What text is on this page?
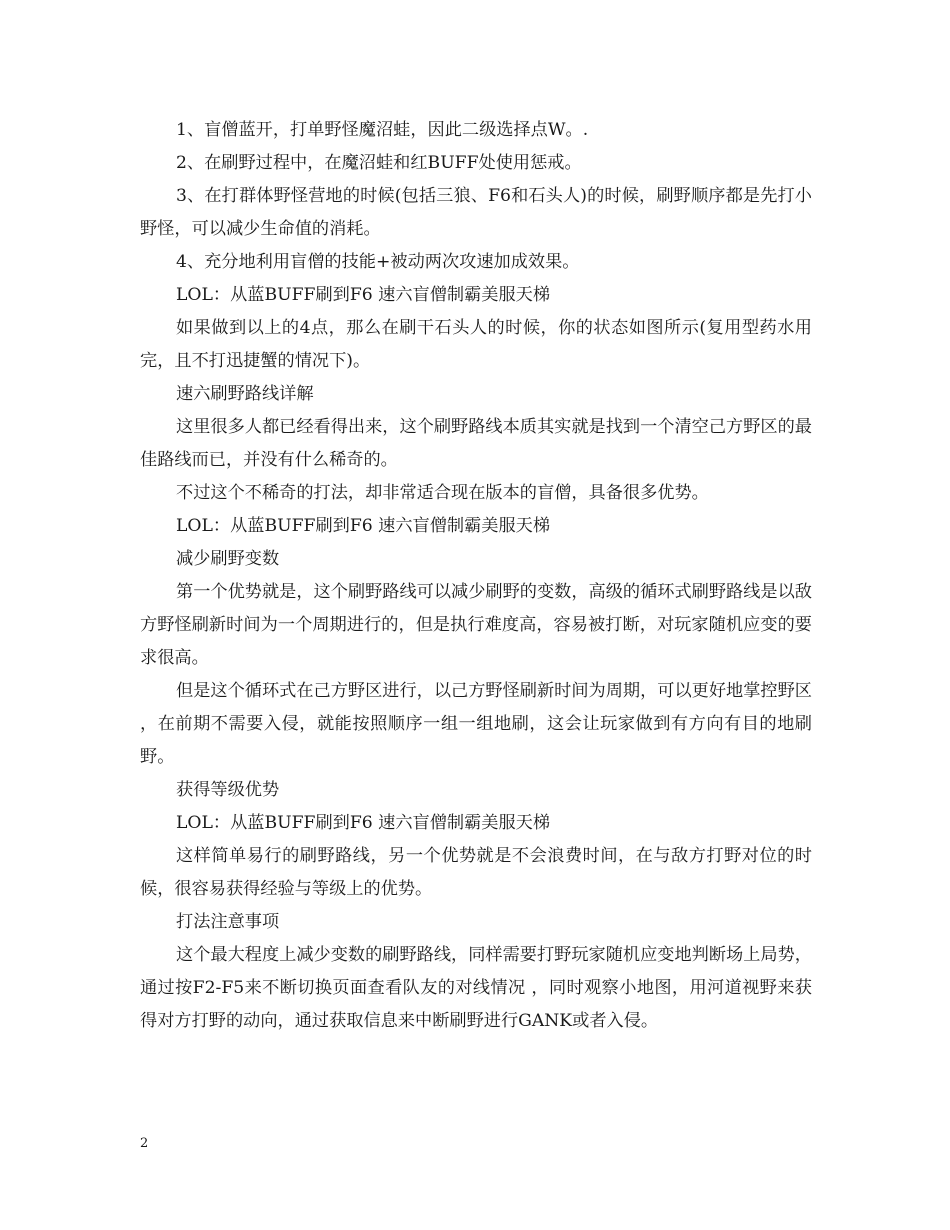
1、盲僧蓝开，打单野怪魔沼蛙，因此二级选择点W。.

2、在刷野过程中，在魔沼蛙和红BUFF处使用惩戒。

3、在打群体野怪营地的时候(包括三狼、F6和石头人)的时候，刷野顺序都是先打小野怪，可以减少生命值的消耗。

4、充分地利用盲僧的技能+被动两次攻速加成效果。

LOL：从蓝BUFF刷到F6 速六盲僧制霸美服天梯

如果做到以上的4点，那么在刷干石头人的时候，你的状态如图所示(复用型药水用完，且不打迅捷蟹的情况下)。

速六刷野路线详解

这里很多人都已经看得出来，这个刷野路线本质其实就是找到一个清空己方野区的最佳路线而已，并没有什么稀奇的。

不过这个不稀奇的打法，却非常适合现在版本的盲僧，具备很多优势。

LOL：从蓝BUFF刷到F6 速六盲僧制霸美服天梯

减少刷野变数

第一个优势就是，这个刷野路线可以减少刷野的变数，高级的循环式刷野路线是以敌方野怪刷新时间为一个周期进行的，但是执行难度高，容易被打断，对玩家随机应变的要求很高。

但是这个循环式在己方野区进行，以己方野怪刷新时间为周期，可以更好地掌控野区 ，在前期不需要入侵，就能按照顺序一组一组地刷，这会让玩家做到有方向有目的地刷野。

获得等级优势

LOL：从蓝BUFF刷到F6 速六盲僧制霸美服天梯

这样简单易行的刷野路线，另一个优势就是不会浪费时间，在与敌方打野对位的时候，很容易获得经验与等级上的优势。

打法注意事项

这个最大程度上减少变数的刷野路线，同样需要打野玩家随机应变地判断场上局势，通过按F2-F5来不断切换页面查看队友的对线情况 ，同时观察小地图，用河道视野来获得对方打野的动向，通过获取信息来中断刷野进行GANK或者入侵。

2
